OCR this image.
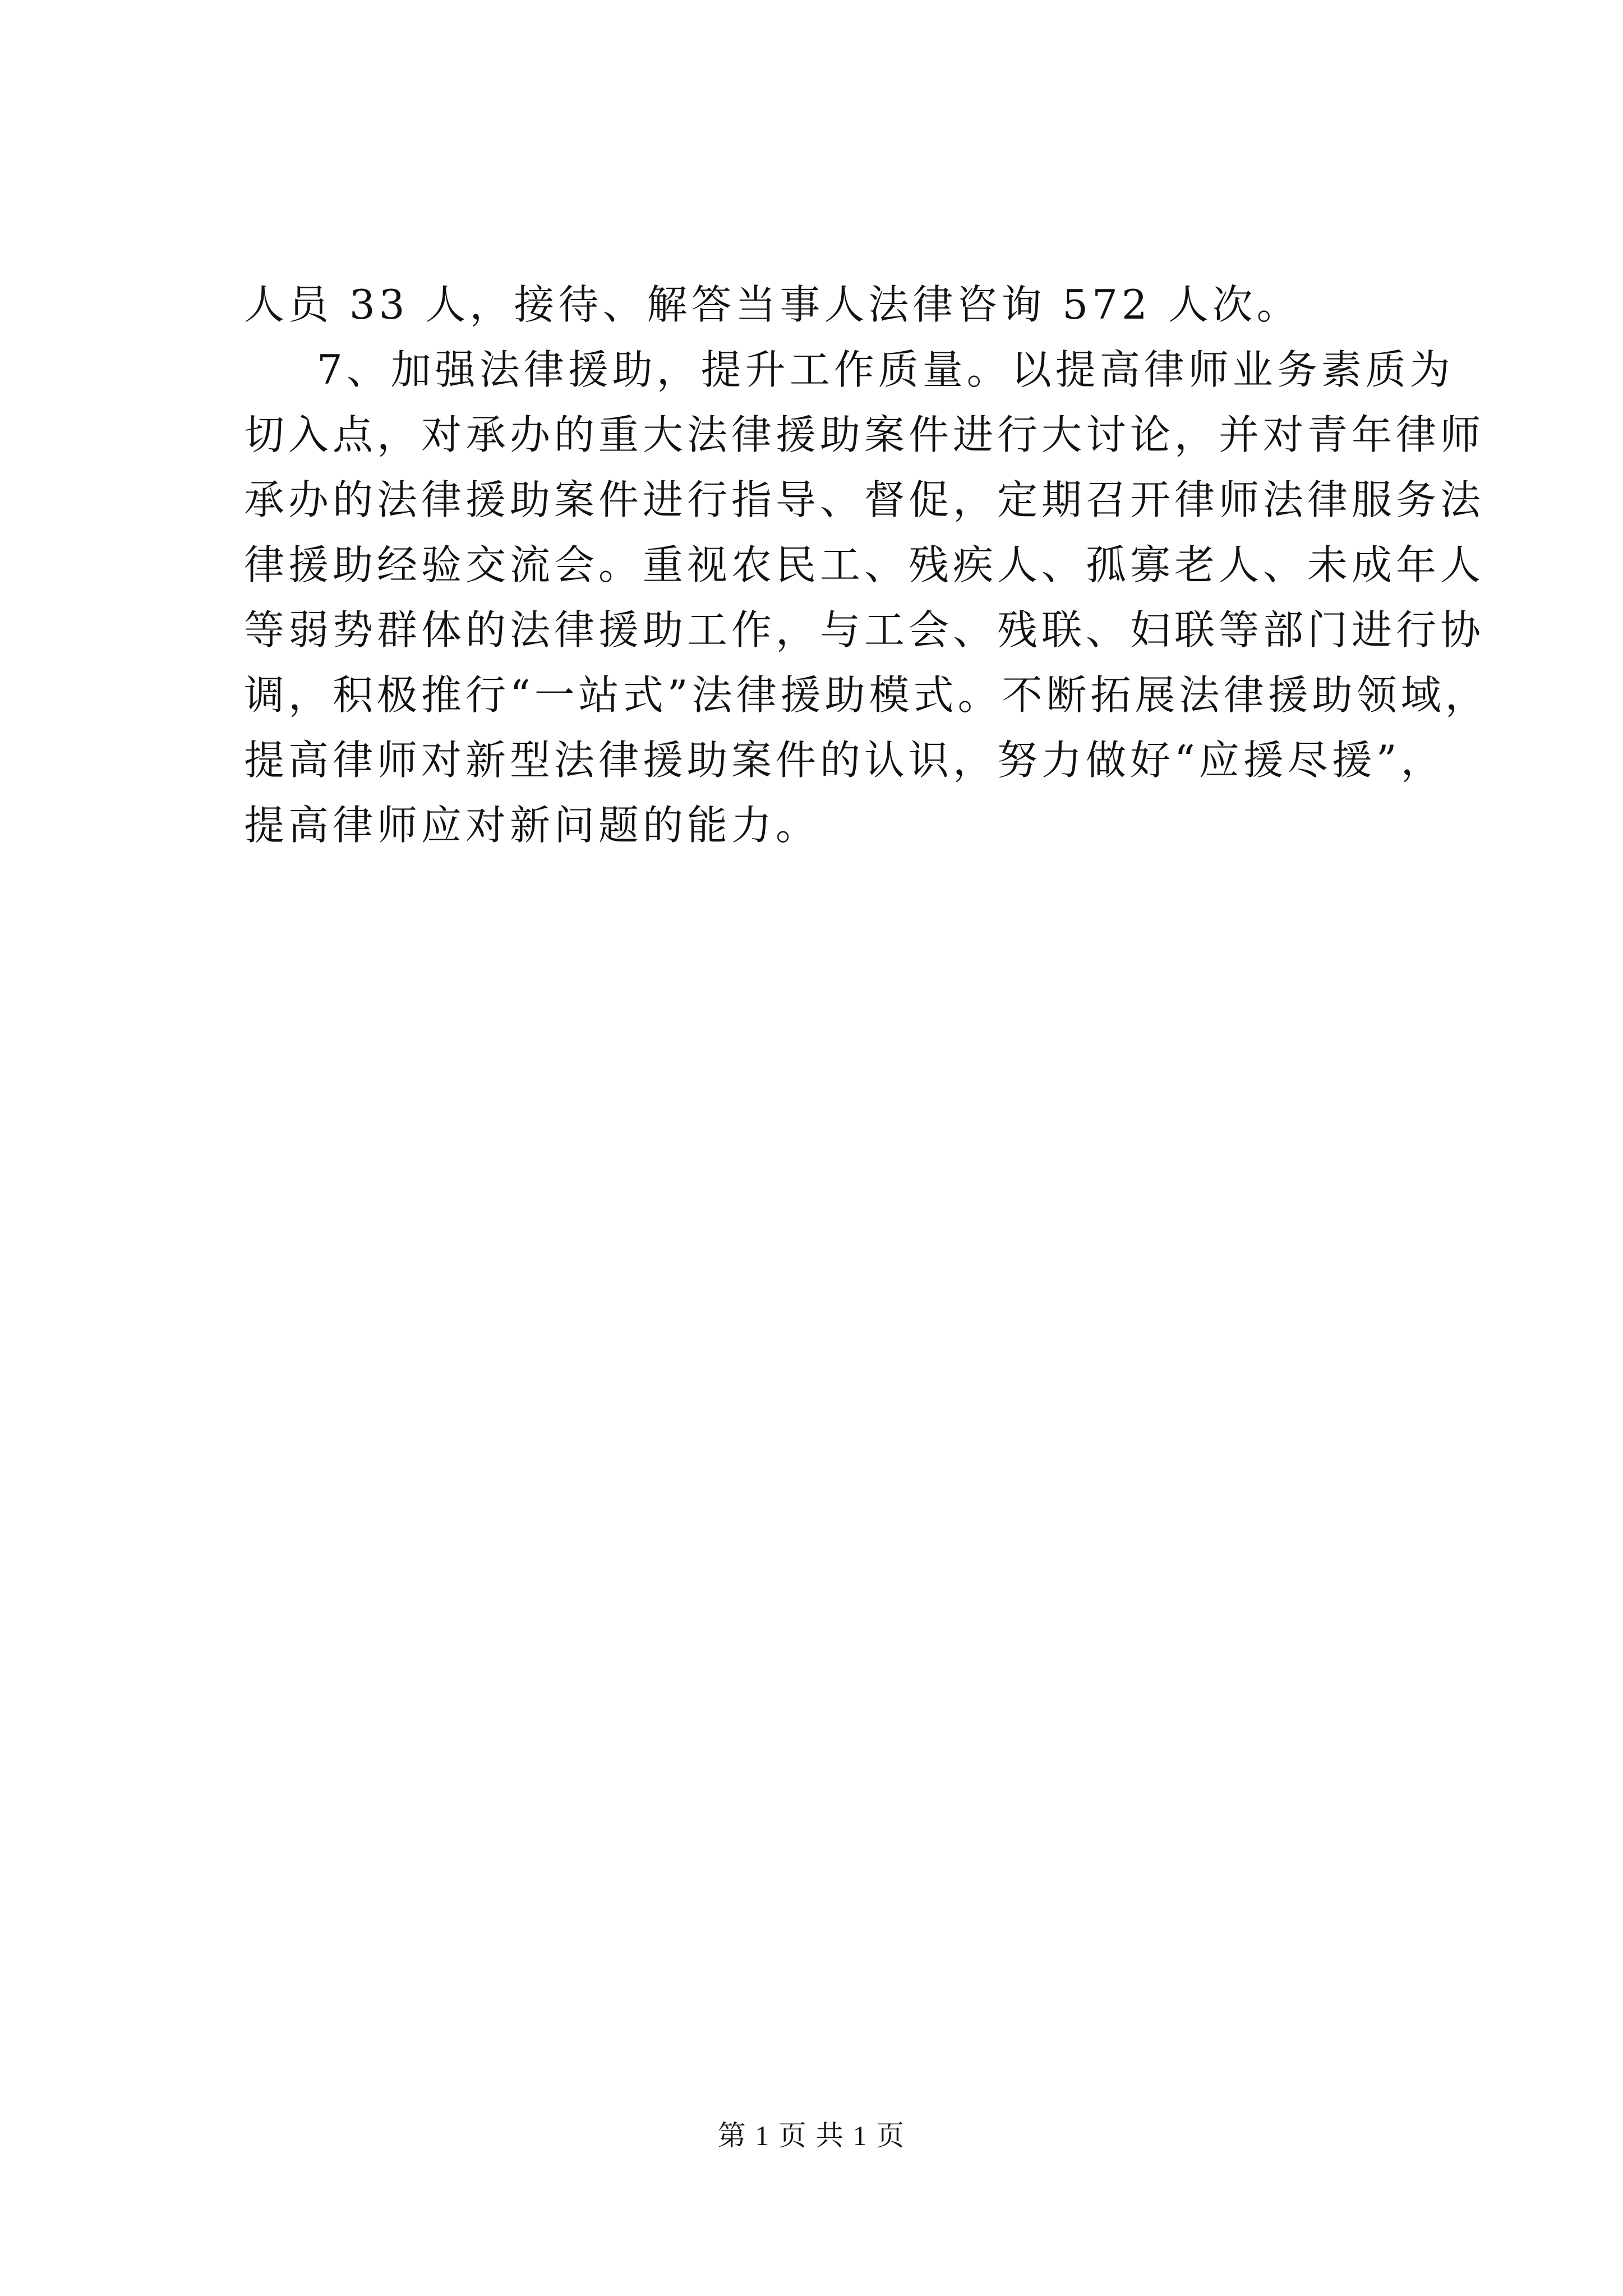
人员 33 人，接待、解答当事人法律咨询 572 人次。
7、加强法律援助，提升工作质量。以提高律师业务素质为
切入点，对承办的重大法律援助案件进行大讨论，并对青年律师
承办的法律援助案件进行指导、督促，定期召开律师法律服务法
律援助经验交流会。重视农民工、残疾人、孤寡老人、未成年人
等弱势群体的法律援助工作，与工会、残联、妇联等部门进行协
调，积极推行“一站式”法律援助模式。不断拓展法律援助领域，
提高律师对新型法律援助案件的认识，努力做好“应援尽援”，
提高律师应对新问题的能力。
第 1 页 共 1 页
